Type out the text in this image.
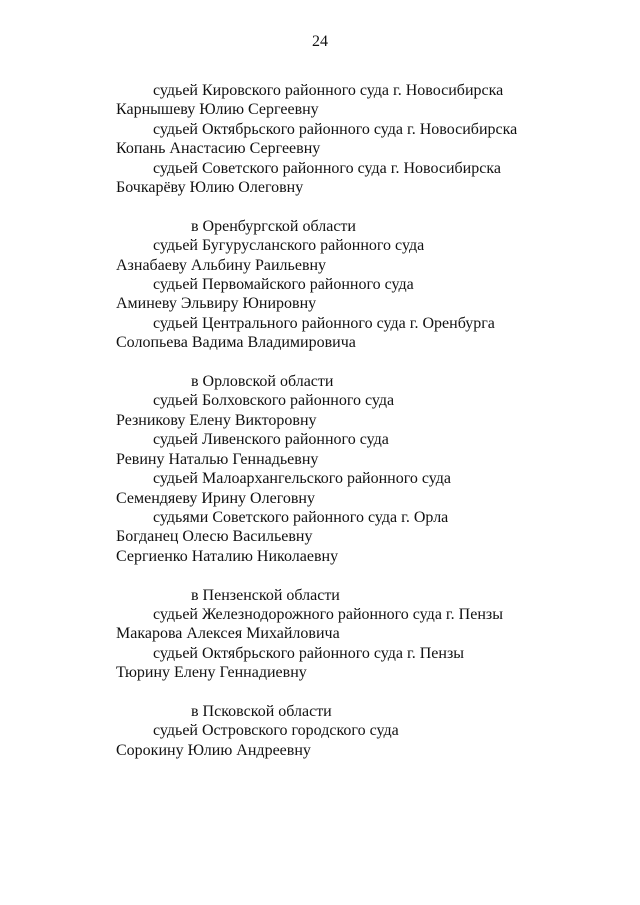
24
судьей Кировского районного суда г. Новосибирска
Карнышеву Юлию Сергеевну
судьей Октябрьского районного суда г. Новосибирска
Копань Анастасию Сергеевну
судьей Советского районного суда г. Новосибирска
Бочкарёву Юлию Олеговну
в Оренбургской области
судьей Бугурусланского районного суда
Азнабаеву Альбину Раильевну
судьей Первомайского районного суда
Аминеву Эльвиру Юнировну
судьей Центрального районного суда г. Оренбурга
Солопьева Вадима Владимировича
в Орловской области
судьей Болховского районного суда
Резникову Елену Викторовну
судьей Ливенского районного суда
Ревину Наталью Геннадьевну
судьей Малоархангельского районного суда
Семендяеву Ирину Олеговну
судьями Советского районного суда г. Орла
Богданец Олесю Васильевну
Сергиенко Наталию Николаевну
в Пензенской области
судьей Железнодорожного районного суда г. Пензы
Макарова Алексея Михайловича
судьей Октябрьского районного суда г. Пензы
Тюрину Елену Геннадиевну
в Псковской области
судьей Островского городского суда
Сорокину Юлию Андреевну
